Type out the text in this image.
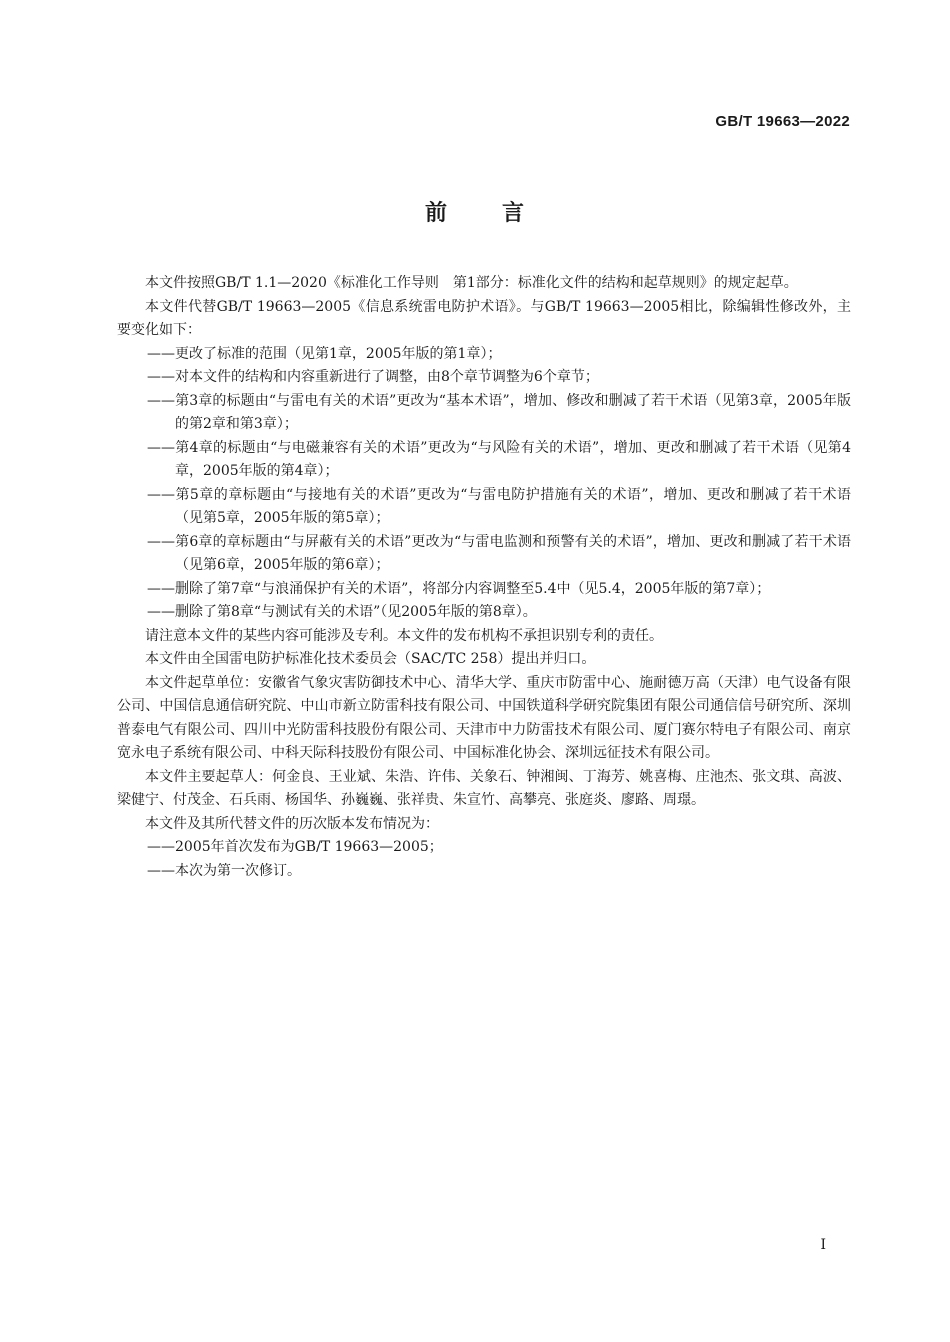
GB/T 19663—2022
前 言

本文件按照GB/T 1.1—2020《标准化工作导则　第1部分：标准化文件的结构和起草规则》的规定起草。

本文件代替GB/T 19663—2005《信息系统雷电防护术语》。与GB/T 19663—2005相比，除编辑性修改外，主要变化如下：

——更改了标准的范围（见第1章，2005年版的第1章）；

——对本文件的结构和内容重新进行了调整，由8个章节调整为6个章节；

——第3章的标题由“与雷电有关的术语”更改为“基本术语”，增加、修改和删减了若干术语（见第3章，2005年版的第2章和第3章）；

——第4章的标题由“与电磁兼容有关的术语”更改为“与风险有关的术语”，增加、更改和删减了若干术语（见第4章，2005年版的第4章）；

——第5章的章标题由“与接地有关的术语”更改为“与雷电防护措施有关的术语”，增加、更改和删减了若干术语（见第5章，2005年版的第5章）；

——第6章的章标题由“与屏蔽有关的术语”更改为“与雷电监测和预警有关的术语”，增加、更改和删减了若干术语（见第6章，2005年版的第6章）；

——删除了第7章“与浪涌保护有关的术语”，将部分内容调整至5.4中（见5.4，2005年版的第7章）；

——删除了第8章“与测试有关的术语”（见2005年版的第8章）。

请注意本文件的某些内容可能涉及专利。本文件的发布机构不承担识别专利的责任。

本文件由全国雷电防护标准化技术委员会（SAC/TC 258）提出并归口。

本文件起草单位：安徽省气象灾害防御技术中心、清华大学、重庆市防雷中心、施耐德万高（天津）电气设备有限公司、中国信息通信研究院、中山市新立防雷科技有限公司、中国铁道科学研究院集团有限公司通信信号研究所、深圳普泰电气有限公司、四川中光防雷科技股份有限公司、天津市中力防雷技术有限公司、厦门赛尔特电子有限公司、南京宽永电子系统有限公司、中科天际科技股份有限公司、中国标准化协会、深圳远征技术有限公司。

本文件主要起草人：何金良、王业斌、朱浩、许伟、关象石、钟湘闽、丁海芳、姚喜梅、庄池杰、张文琪、高波、梁健宁、付茂金、石兵雨、杨国华、孙巍巍、张祥贵、朱宣竹、高攀亮、张庭炎、廖路、周璟。

本文件及其所代替文件的历次版本发布情况为：

——2005年首次发布为GB/T 19663—2005；

——本次为第一次修订。

I
